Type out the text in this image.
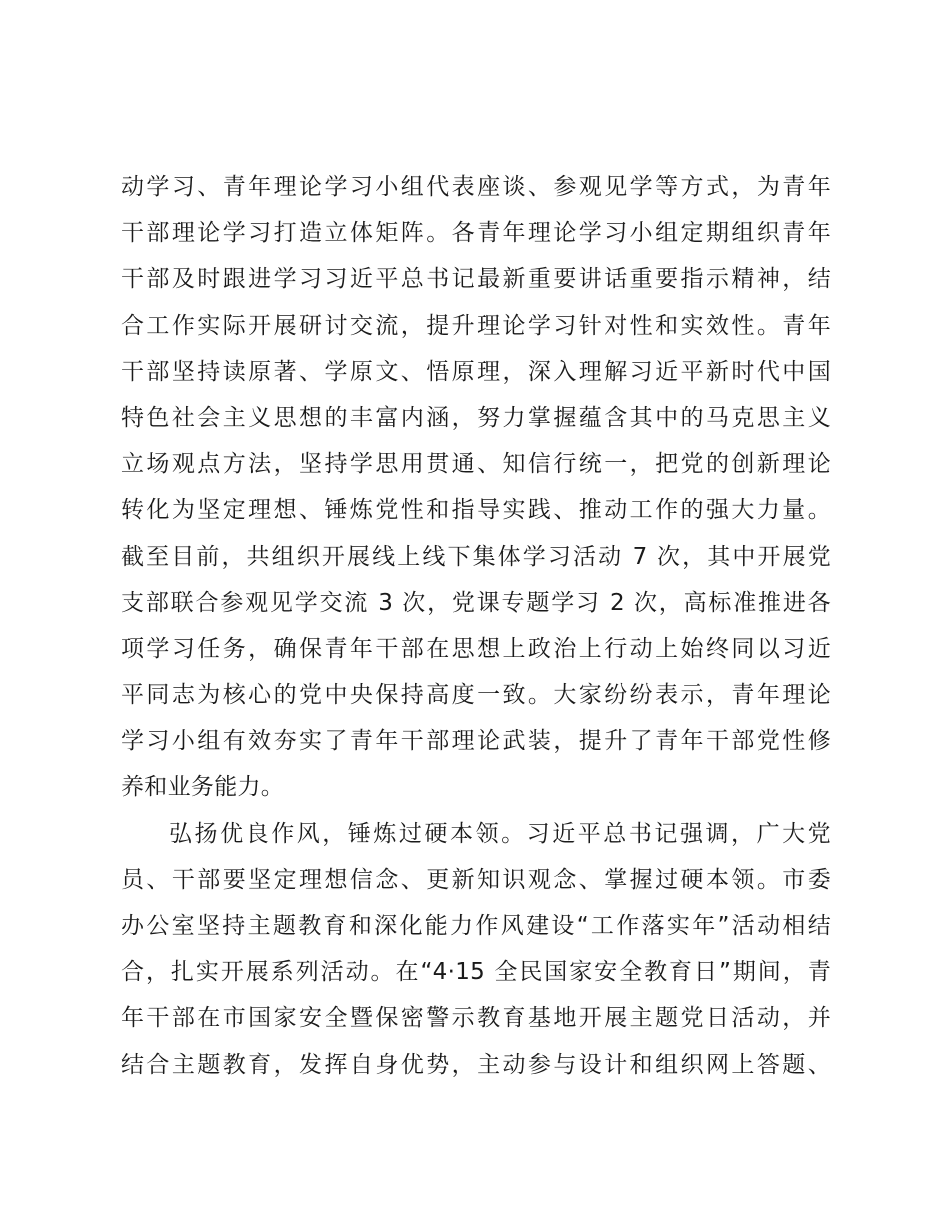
动学习、青年理论学习小组代表座谈、参观见学等方式，为青年
干部理论学习打造立体矩阵。各青年理论学习小组定期组织青年
干部及时跟进学习习近平总书记最新重要讲话重要指示精神，结
合工作实际开展研讨交流，提升理论学习针对性和实效性。青年
干部坚持读原著、学原文、悟原理，深入理解习近平新时代中国
特色社会主义思想的丰富内涵，努力掌握蕴含其中的马克思主义
立场观点方法，坚持学思用贯通、知信行统一，把党的创新理论
转化为坚定理想、锤炼党性和指导实践、推动工作的强大力量。
截至目前，共组织开展线上线下集体学习活动 7 次，其中开展党
支部联合参观见学交流 3 次，党课专题学习 2 次，高标准推进各
项学习任务，确保青年干部在思想上政治上行动上始终同以习近
平同志为核心的党中央保持高度一致。大家纷纷表示，青年理论
学习小组有效夯实了青年干部理论武装，提升了青年干部党性修
养和业务能力。
弘扬优良作风，锤炼过硬本领。习近平总书记强调，广大党
员、干部要坚定理想信念、更新知识观念、掌握过硬本领。市委
办公室坚持主题教育和深化能力作风建设“工作落实年”活动相结
合，扎实开展系列活动。在“4·15 全民国家安全教育日”期间，青
年干部在市国家安全暨保密警示教育基地开展主题党日活动，并
结合主题教育，发挥自身优势，主动参与设计和组织网上答题、
